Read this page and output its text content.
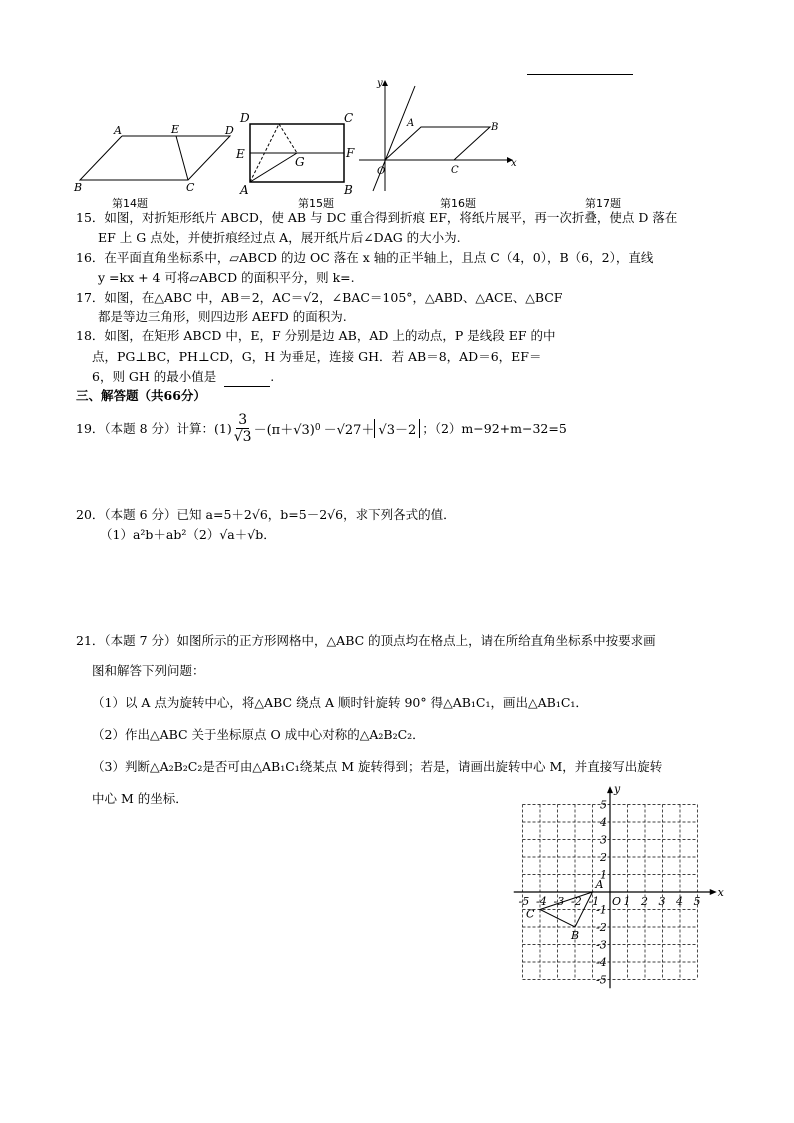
A	E	D
B	C
D	C
E	F
G
A	B
y
x
O
A	B
C
第14题	第15题	第16题	第17题
15．如图，对折矩形纸片 ABCD，使 AB 与 DC 重合得到折痕 EF，将纸片展平，再一次折叠，使点 D 落在
EF 上 G 点处，并使折痕经过点 A，展开纸片后∠DAG 的大小为.
16．在平面直角坐标系中，▱ABCD 的边 OC 落在 x 轴的正半轴上，且点 C（4，0），B（6，2），直线
y =kx + 4 可将▱ABCD 的面积平分，则 k=.
17．如图，在△ABC 中，AB＝2，AC＝√2，∠BAC＝105°，△ABD、△ACE、△BCF
都是等边三角形，则四边形 AEFD 的面积为.
18．如图，在矩形 ABCD 中，E，F 分别是边 AB，AD 上的动点，P 是线段 EF 的中
点，PG⊥BC，PH⊥CD，G，H 为垂足，连接 GH．若 AB＝8，AD＝6，EF＝
6，则 GH 的最小值是	.
三、解答题（共66分）
19．（本题 8 分）计算：$(1) \frac{3}{√3} -(\pi+√3)$ 0 －√27＋ √3－2 ；（2）m−92+m−32=5
20．（本题 6 分）已知 a=5＋2√6，b=5－2√6，求下列各式的值．
（1）a²b＋ab²（2）√a＋√b．
21．（本题 7 分）如图所示的正方形网格中，△ABC 的顶点均在格点上，请在所给直角坐标系中按要求画
图和解答下列问题：
（1）以 A 点为旋转中心，将△ABC 绕点 A 顺时针旋转 90° 得△AB₁C₁，画出△AB₁C₁．
（2）作出△ABC 关于坐标原点 O 成中心对称的△A₂B₂C₂．
（3）判断△A₂B₂C₂是否可由△AB₁C₁绕某点 M 旋转得到；若是，请画出旋转中心 M，并直接写出旋转
中心 M 的坐标．
x
y
O
-5 -4 -3 -2 -1 1 2 3 4 5
5
4
3
2
1
-1
-2
-3
-4
-5
A
B
C
